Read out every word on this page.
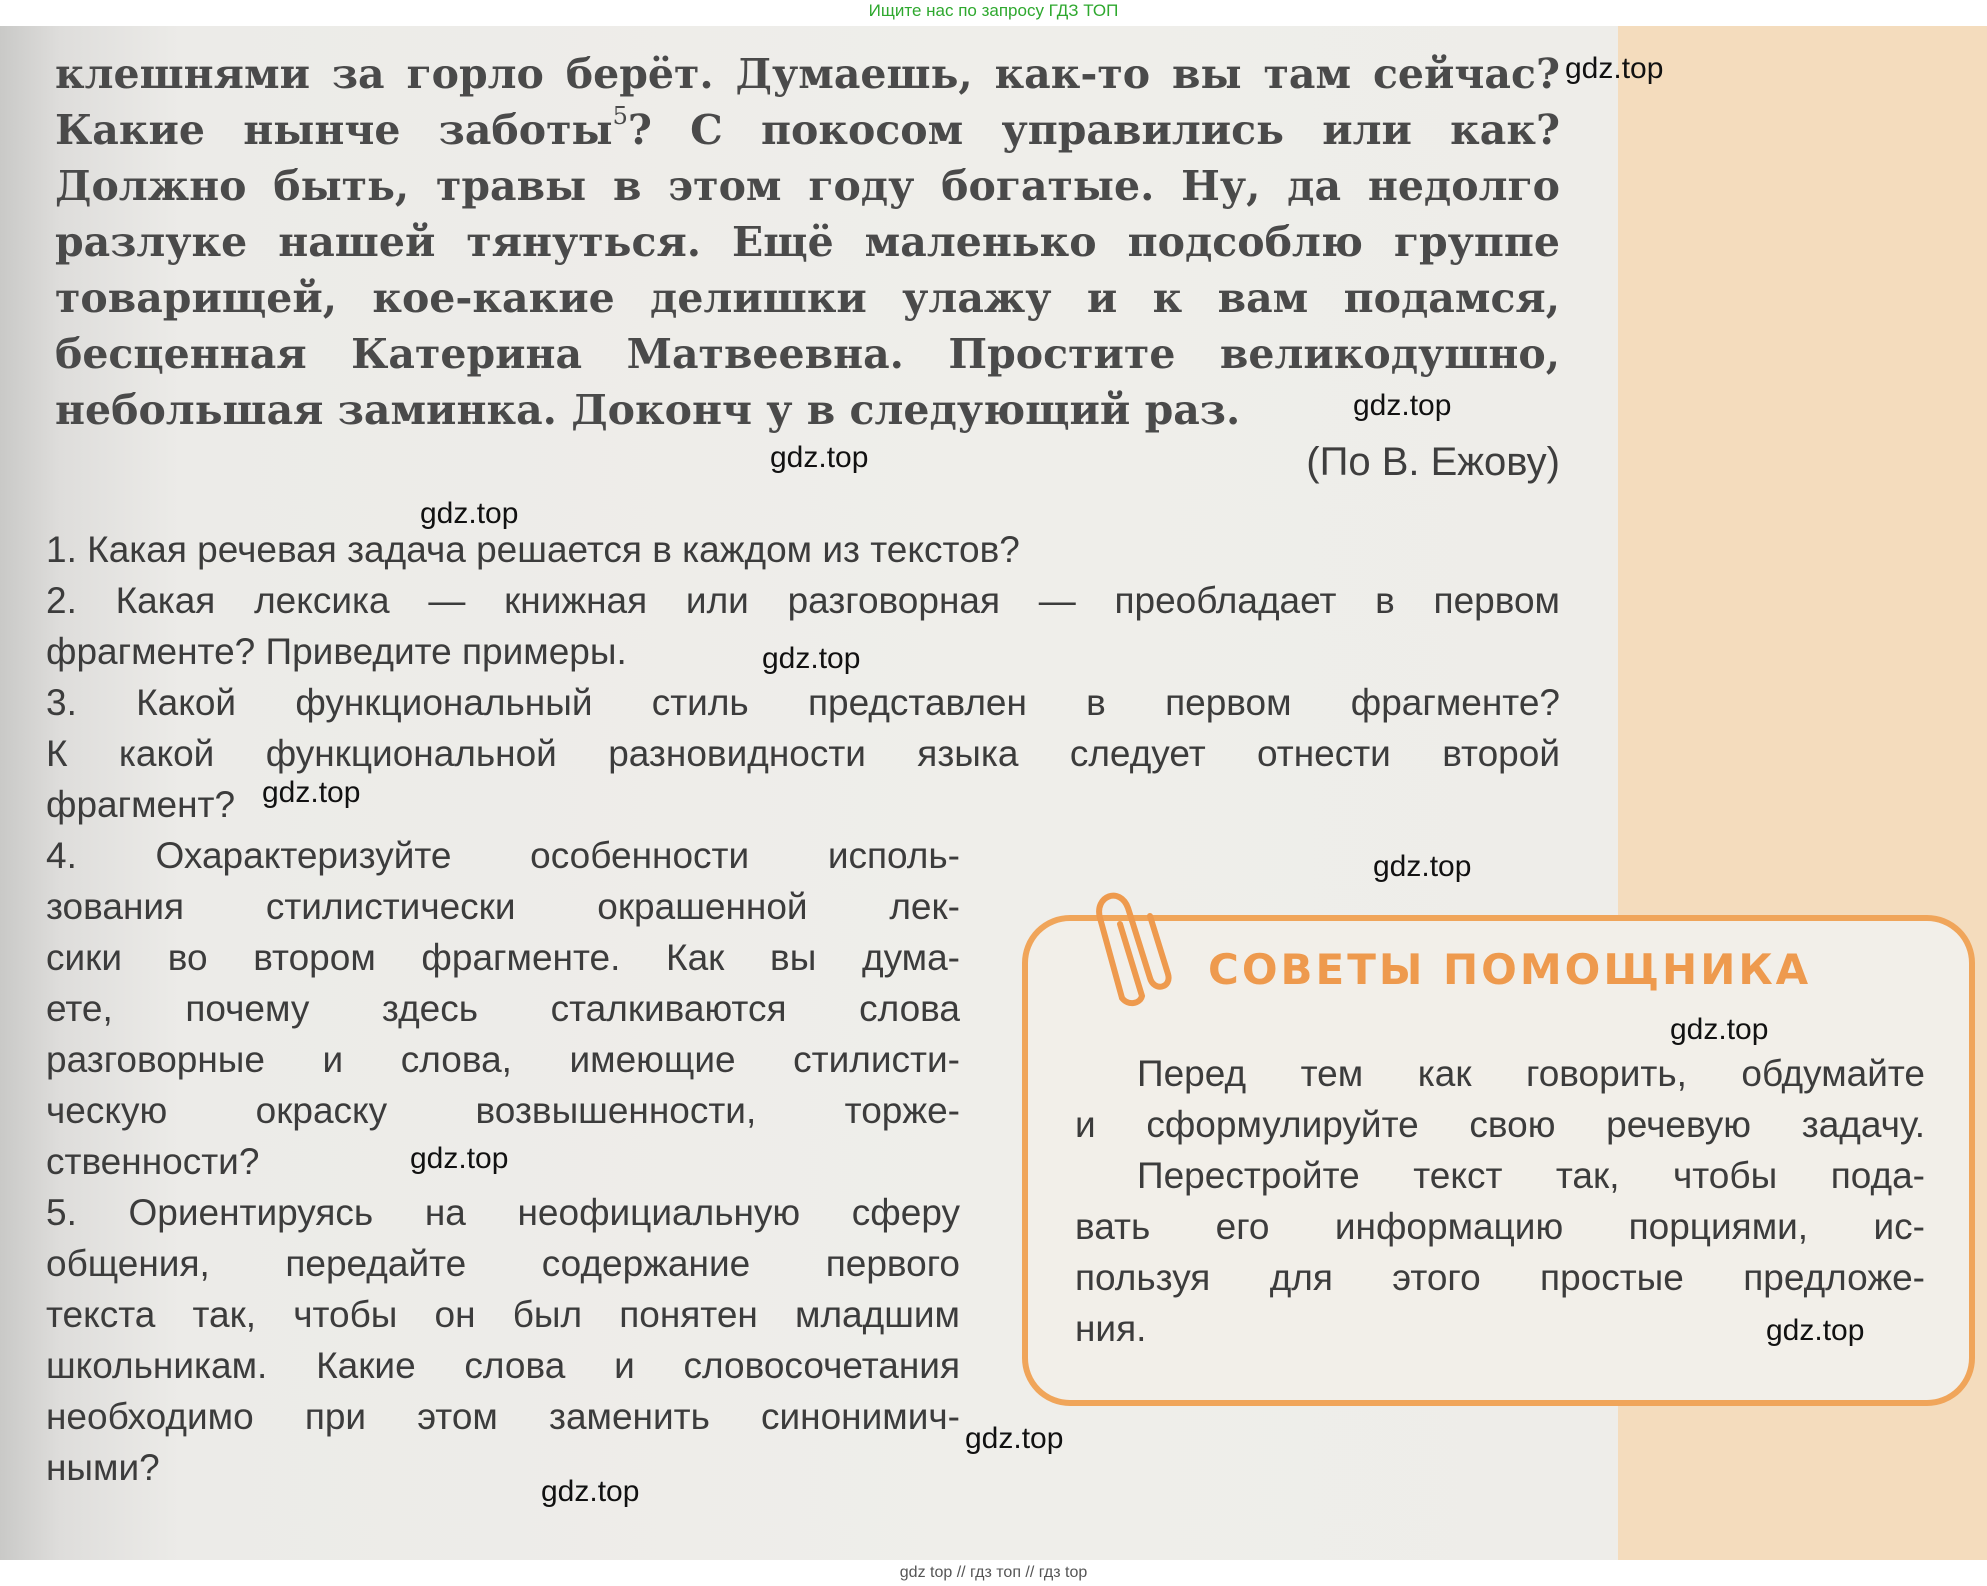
Ищите нас по запросу ГДЗ ТОП
клешнями за горло берёт. Думаешь, как-то вы там сейчас?
Какие нынче заботы$^5$? С покосом управились или как?
Должно быть, травы в этом году богатые. Ну, да недолго
разлуке нашей тянуться. Ещё маленько подсоблю группе
товарищей, кое-какие делишки улажу и к вам подамся,
бесценная Катерина Матвеевна. Простите великодушно,
небольшая заминка. Доконч у в следующий раз.
(По В. Ежову)
1. Какая речевая задача решается в каждом из текстов?
2. Какая лексика — книжная или разговорная — преобладает в первом
фрагменте? Приведите примеры.
3. Какой функциональный стиль представлен в первом фрагменте?
К какой функциональной разновидности языка следует отнести второй
фрагмент?
4. Охарактеризуйте особенности исполь-
зования стилистически окрашенной лек-
сики во втором фрагменте. Как вы дума-
ете, почему здесь сталкиваются слова
разговорные и слова, имеющие стилисти-
ческую окраску возвышенности, торже-
ственности?
5. Ориентируясь на неофициальную сферу
общения, передайте содержание первого
текста так, чтобы он был понятен младшим
школьникам. Какие слова и словосочетания
необходимо при этом заменить синонимич-
ными?
СОВЕТЫ ПОМОЩНИКА
Перед тем как говорить, обдумайте
и сформулируйте свою речевую задачу.
Перестройте текст так, чтобы пода-
вать его информацию порциями, ис-
пользуя для этого простые предложе-
ния.
gdz.top
gdz.top
gdz.top
gdz.top
gdz.top
gdz.top
gdz.top
gdz.top
gdz.top
gdz.top
gdz.top
gdz.top
gdz top // гдз топ // гдз top
